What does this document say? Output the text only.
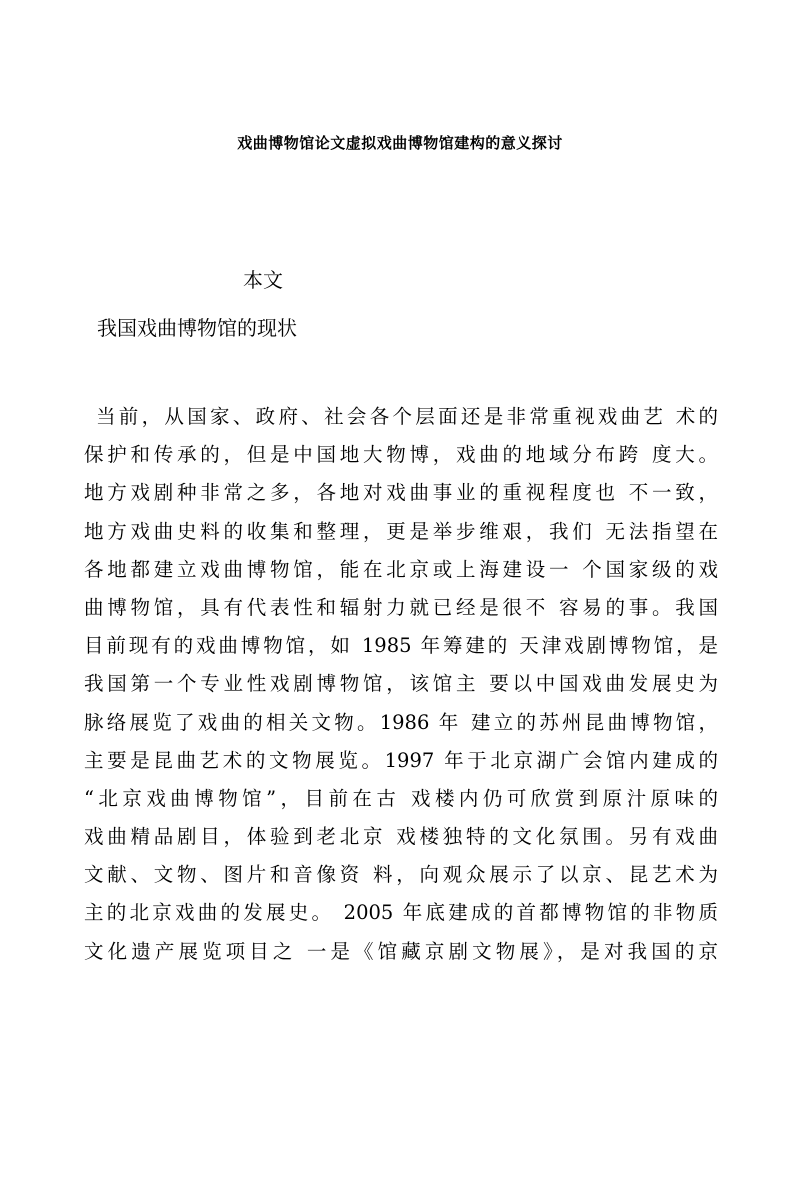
戏曲博物馆论文虚拟戏曲博物馆建构的意义探讨
本文
我国戏曲博物馆的现状
当前，从国家、政府、社会各个层面还是非常重视戏曲艺 术的
保护和传承的，但是中国地大物博，戏曲的地域分布跨 度大。
地方戏剧种非常之多，各地对戏曲事业的重视程度也 不一致，
地方戏曲史料的收集和整理，更是举步维艰，我们 无法指望在
各地都建立戏曲博物馆，能在北京或上海建设一 个国家级的戏
曲博物馆，具有代表性和辐射力就已经是很不 容易的事。我国
目前现有的戏曲博物馆，如 1985 年筹建的 天津戏剧博物馆，是
我国第一个专业性戏剧博物馆，该馆主 要以中国戏曲发展史为
脉络展览了戏曲的相关文物。1986 年 建立的苏州昆曲博物馆，
主要是昆曲艺术的文物展览。1997 年于北京湖广会馆内建成的
“北京戏曲博物馆”，目前在古 戏楼内仍可欣赏到原汁原味的
戏曲精品剧目，体验到老北京 戏楼独特的文化氛围。另有戏曲
文献、文物、图片和音像资 料，向观众展示了以京、昆艺术为
主的北京戏曲的发展史。 2005 年底建成的首都博物馆的非物质
文化遗产展览项目之 一是《馆藏京剧文物展》，是对我国的京
